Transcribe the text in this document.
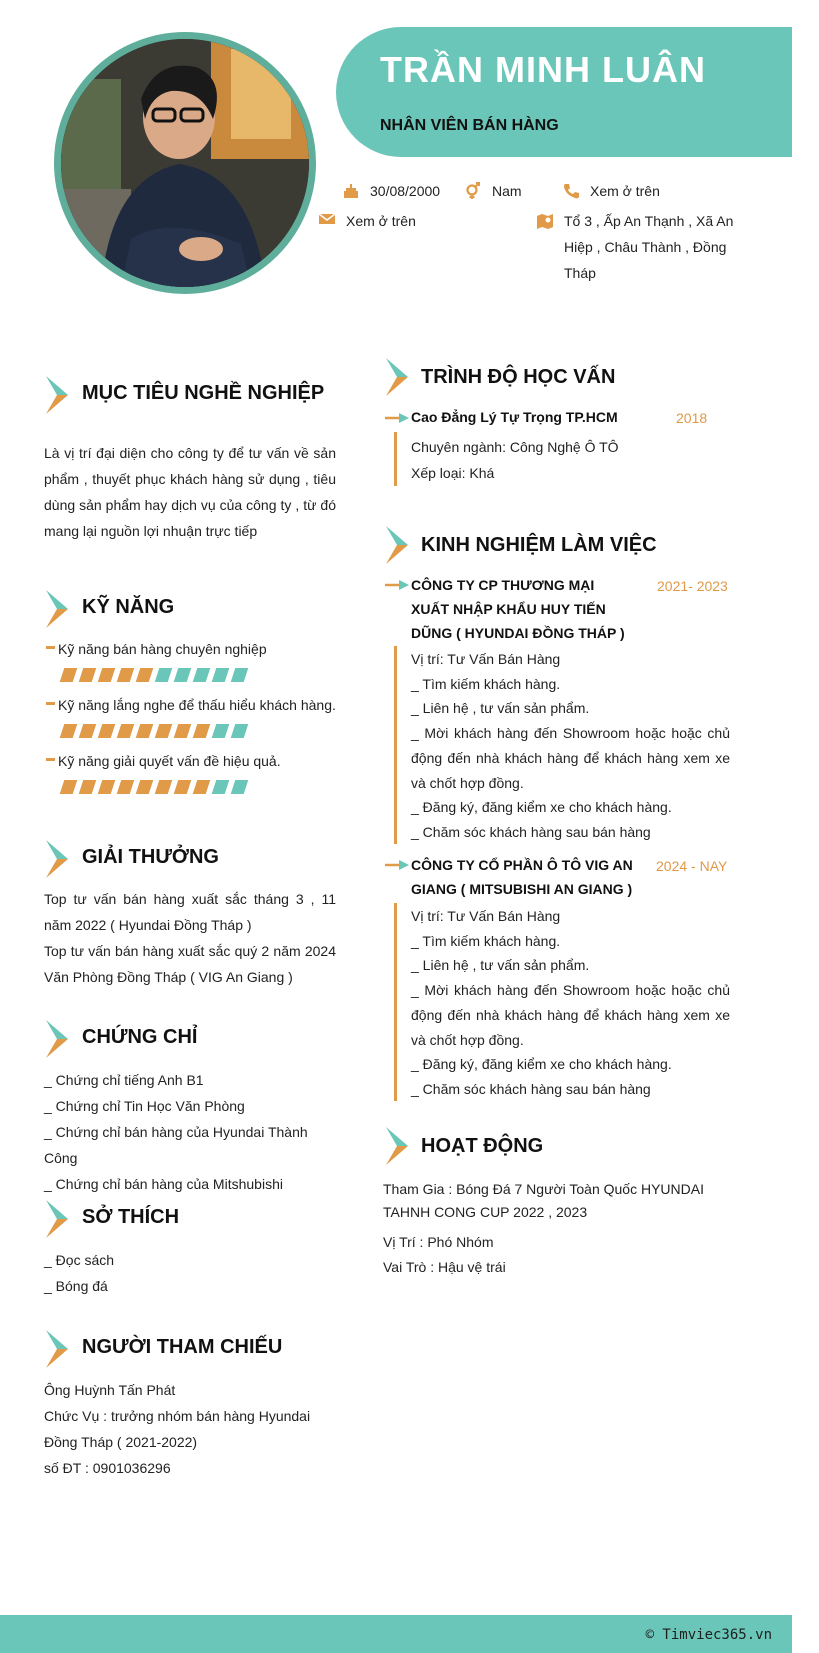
TRẦN MINH LUÂN
NHÂN VIÊN BÁN HÀNG
30/08/2000	Nam	Xem ở trên
Xem ở trên	Tổ 3 , Ấp An Thạnh , Xã An Hiệp , Châu Thành , Đồng Tháp
MỤC TIÊU NGHỀ NGHIỆP
Là vị trí đại diện cho công ty để tư vấn về sản phẩm , thuyết phục khách hàng sử dụng , tiêu dùng sản phẩm hay dịch vụ của công ty , từ đó mang lại nguồn lợi nhuận trực tiếp
KỸ NĂNG
Kỹ năng bán hàng chuyên nghiệp
Kỹ năng lắng nghe để thấu hiểu khách hàng.
Kỹ năng giải quyết vấn đề hiệu quả.
GIẢI THƯỞNG

Top tư vấn bán hàng xuất sắc tháng 3 , 11 năm 2022 ( Hyundai Đồng Tháp )

Top tư vấn bán hàng xuất sắc quý 2 năm 2024 Văn Phòng Đồng Tháp ( VIG An Giang )

CHỨNG CHỈ

_ Chứng chỉ tiếng Anh B1

_ Chứng chỉ Tin Học Văn Phòng

_ Chứng chỉ bán hàng của Hyundai Thành Công

_ Chứng chỉ bán hàng của Mitshubishi

SỞ THÍCH

_ Đọc sách

_ Bóng đá

NGƯỜI THAM CHIẾU

Ông Huỳnh Tấn Phát

Chức Vụ : trưởng nhóm bán hàng Hyundai Đồng Tháp ( 2021-2022)

số ĐT : 0901036296

TRÌNH ĐỘ HỌC VẤN
Cao Đẳng Lý Tự Trọng TP.HCM	2018

Chuyên ngành: Công Nghệ Ô TÔ

Xếp loại: Khá

KINH NGHIỆM LÀM VIỆC
CÔNG TY CP THƯƠNG MẠI XUẤT NHẬP KHẨU HUY TIẾN DŨNG ( HYUNDAI ĐỒNG THÁP )
2021- 2023

Vị trí: Tư Vấn Bán Hàng

_ Tìm kiếm khách hàng.

_ Liên hệ , tư vấn sản phẩm.

_ Mời khách hàng đến Showroom hoặc hoặc chủ động đến nhà khách hàng để khách hàng xem xe và chốt hợp đồng.

_ Đăng ký, đăng kiểm xe cho khách hàng.

_ Chăm sóc khách hàng sau bán hàng

CÔNG TY CỔ PHẦN Ô TÔ VIG AN GIANG ( MITSUBISHI AN GIANG )
2024 - NAY

Vị trí: Tư Vấn Bán Hàng

_ Tìm kiếm khách hàng.

_ Liên hệ , tư vấn sản phẩm.

_ Mời khách hàng đến Showroom hoặc hoặc chủ động đến nhà khách hàng để khách hàng xem xe và chốt hợp đồng.

_ Đăng ký, đăng kiểm xe cho khách hàng.

_ Chăm sóc khách hàng sau bán hàng

HOẠT ĐỘNG

Tham Gia : Bóng Đá 7 Người Toàn Quốc HYUNDAI TAHNH CONG CUP 2022 , 2023

Vị Trí : Phó Nhóm

Vai Trò : Hậu vệ trái

© Timviec365.vn
